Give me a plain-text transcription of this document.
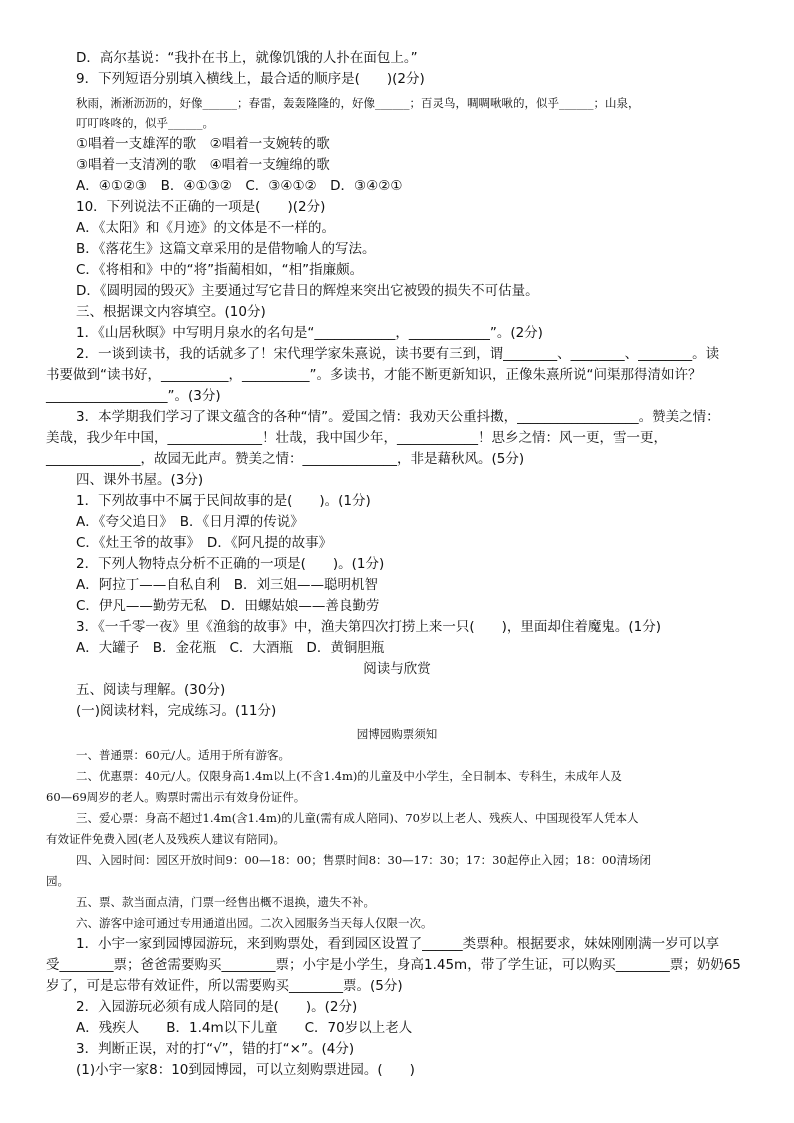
D．高尔基说：“我扑在书上，就像饥饿的人扑在面包上。”
9．下列短语分别填入横线上，最合适的顺序是(　　)(2分)
秋雨，淅淅沥沥的，好像______；春雷，轰轰隆隆的，好像______；百灵鸟，啁啁啾啾的，似乎______；山泉，
叮叮咚咚的，似乎______。
①唱着一支雄浑的歌　②唱着一支婉转的歌
③唱着一支清冽的歌　④唱着一支缠绵的歌
A．④①②③　B．④①③②　C．③④①②　D．③④②①
10．下列说法不正确的一项是(　　)(2分)
A．《太阳》和《月迹》的文体是不一样的。
B．《落花生》这篇文章采用的是借物喻人的写法。
C．《将相和》中的“将”指蔺相如，“相”指廉颇。
D．《圆明园的毁灭》主要通过写它昔日的辉煌来突出它被毁的损失不可估量。
三、根据课文内容填空。(10分)
1．《山居秋暝》中写明月泉水的名句是“____________，____________”。(2分)
2．一谈到读书，我的话就多了！宋代理学家朱熹说，读书要有三到，谓________、________、________。读
书要做到“读书好，__________，__________”。多读书，才能不断更新知识，正像朱熹所说“问渠那得清如许？
__________________”。(3分)
3．本学期我们学习了课文蕴含的各种“情”。爱国之情：我劝天公重抖擞，__________________。赞美之情：
美哉，我少年中国，______________！壮哉，我中国少年，____________！思乡之情：风一更，雪一更，
______________，故园无此声。赞美之情：______________，非是藉秋风。(5分)
四、课外书屋。(3分)
1．下列故事中不属于民间故事的是(　　)。(1分)
A．《夸父追日》　B．《日月潭的传说》
C．《灶王爷的故事》　D．《阿凡提的故事》
2．下列人物特点分析不正确的一项是(　　)。(1分)
A．阿拉丁——自私自利　B．刘三姐——聪明机智
C．伊凡——勤劳无私　D．田螺姑娘——善良勤劳
3．《一千零一夜》里《渔翁的故事》中，渔夫第四次打捞上来一只(　　)，里面却住着魔鬼。(1分)
A．大罐子　B．金花瓶　C．大酒瓶　D．黄铜胆瓶
阅读与欣赏
五、阅读与理解。(30分)
(一)阅读材料，完成练习。(11分)
园博园购票须知
一、普通票：60元/人。适用于所有游客。
二、优惠票：40元/人。仅限身高1.4m以上(不含1.4m)的儿童及中小学生，全日制本、专科生，未成年人及
60—69周岁的老人。购票时需出示有效身份证件。
三、爱心票：身高不超过1.4m(含1.4m)的儿童(需有成人陪同)、70岁以上老人、残疾人、中国现役军人凭本人
有效证件免费入园(老人及残疾人建议有陪同)。
四、入园时间：园区开放时间9：00—18：00；售票时间8：30—17：30；17：30起停止入园；18：00清场闭
园。
五、票、款当面点清，门票一经售出概不退换，遗失不补。
六、游客中途可通过专用通道出园。二次入园服务当天每人仅限一次。
1．小宇一家到园博园游玩，来到购票处，看到园区设置了______类票种。根据要求，妹妹刚刚满一岁可以享
受________票；爸爸需要购买________票；小宇是小学生，身高1.45m，带了学生证，可以购买________票；奶奶65
岁了，可是忘带有效证件，所以需要购买________票。(5分)
2．入园游玩必须有成人陪同的是(　　)。(2分)
A．残疾人　　B．1.4m以下儿童　　C．70岁以上老人
3．判断正误，对的打“√”，错的打“×”。(4分)
(1)小宇一家8：10到园博园，可以立刻购票进园。(　　)
